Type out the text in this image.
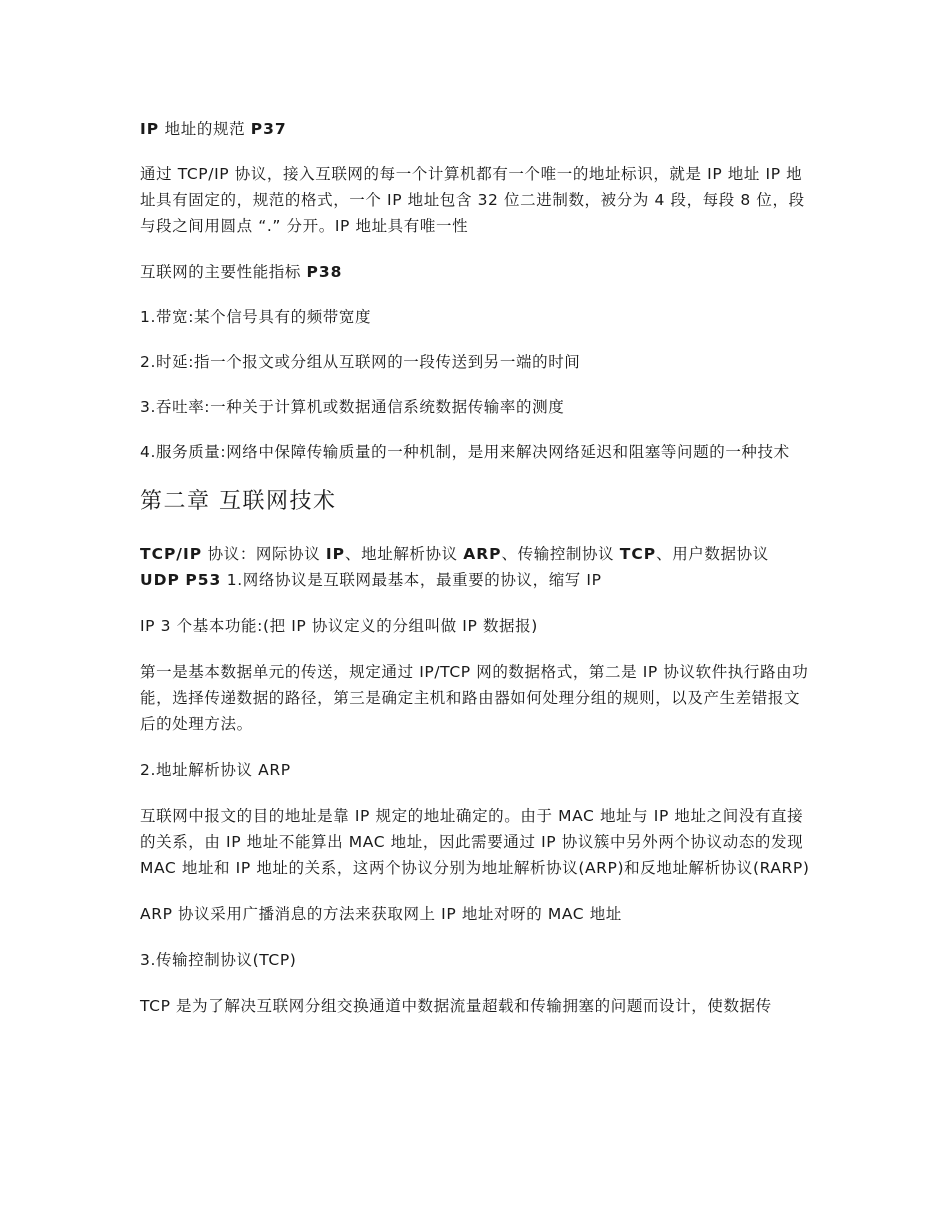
IP 地址的规范 P37

通过 TCP/IP 协议，接入互联网的每一个计算机都有一个唯一的地址标识，就是 IP 地址 IP 地址具有固定的，规范的格式，一个 IP 地址包含 32 位二进制数，被分为 4 段，每段 8 位，段与段之间用圆点 “.” 分开。IP 地址具有唯一性

互联网的主要性能指标 P38

1.带宽:某个信号具有的频带宽度

2.时延:指一个报文或分组从互联网的一段传送到另一端的时间

3.吞吐率:一种关于计算机或数据通信系统数据传输率的测度

4.服务质量:网络中保障传输质量的一种机制，是用来解决网络延迟和阻塞等问题的一种技术

第二章 互联网技术

TCP/IP 协议：网际协议 IP、地址解析协议 ARP、传输控制协议 TCP、用户数据协议 UDP P53 1.网络协议是互联网最基本，最重要的协议，缩写 IP

IP 3 个基本功能:(把 IP 协议定义的分组叫做 IP 数据报)

第一是基本数据单元的传送，规定通过 IP/TCP 网的数据格式，第二是 IP 协议软件执行路由功能，选择传递数据的路径，第三是确定主机和路由器如何处理分组的规则，以及产生差错报文后的处理方法。

2.地址解析协议 ARP

互联网中报文的目的地址是靠 IP 规定的地址确定的。由于 MAC 地址与 IP 地址之间没有直接的关系，由 IP 地址不能算出 MAC 地址，因此需要通过 IP 协议簇中另外两个协议动态的发现 MAC 地址和 IP 地址的关系，这两个协议分别为地址解析协议(ARP)和反地址解析协议(RARP)

ARP 协议采用广播消息的方法来获取网上 IP 地址对呀的 MAC 地址

3.传输控制协议(TCP)

TCP 是为了解决互联网分组交换通道中数据流量超载和传输拥塞的问题而设计，使数据传
